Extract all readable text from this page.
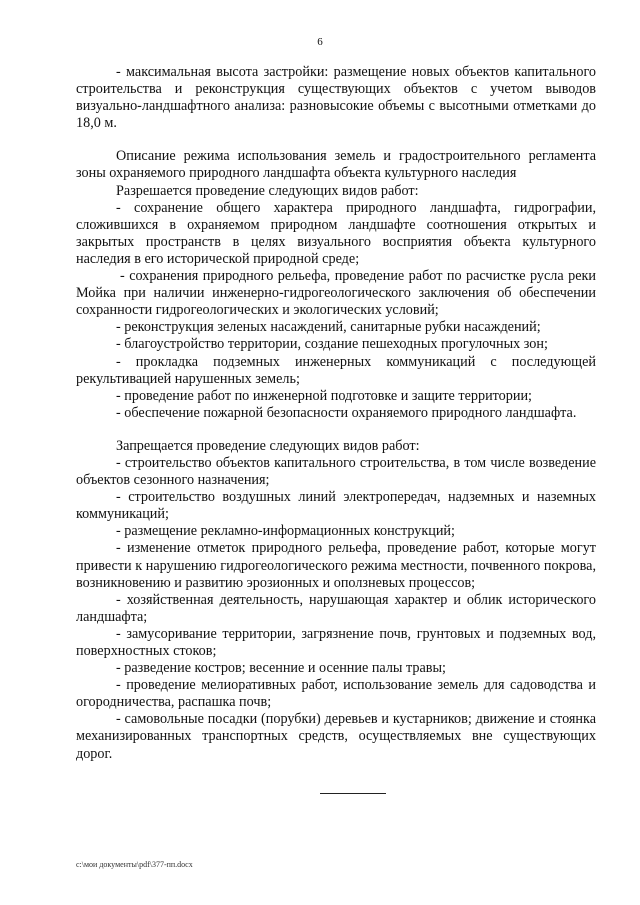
6

- максимальная высота застройки: размещение новых объектов капитального строительства и реконструкция существующих объектов с учетом выводов визуально-ландшафтного анализа: разновысокие объемы с высотными отметками до 18,0 м.

Описание режима использования земель и градостроительного регламента зоны охраняемого природного ландшафта объекта культурного наследия

Разрешается проведение следующих видов работ:

- сохранение общего характера природного ландшафта, гидрографии, сложившихся в охраняемом природном ландшафте соотношения открытых и закрытых пространств в целях визуального восприятия объекта культурного наследия в его исторической природной среде;

- сохранения природного рельефа, проведение работ по расчистке русла реки Мойка при наличии инженерно-гидрогеологического заключения об обеспечении сохранности гидрогеологических и экологических условий;

- реконструкция зеленых насаждений, санитарные рубки насаждений;

- благоустройство территории, создание пешеходных прогулочных зон;

- прокладка подземных инженерных коммуникаций с последующей рекультивацией нарушенных земель;

- проведение работ по инженерной подготовке и защите территории;

- обеспечение пожарной безопасности охраняемого природного ландшафта.

Запрещается проведение следующих видов работ:

- строительство объектов капитального строительства, в том числе возведение объектов сезонного назначения;

- строительство воздушных линий электропередач, надземных и наземных коммуникаций;

- размещение рекламно-информационных конструкций;

- изменение отметок природного рельефа, проведение работ, которые могут привести к нарушению гидрогеологического режима местности, почвенного покрова, возникновению и развитию эрозионных и оползневых процессов;

- хозяйственная деятельность, нарушающая характер и облик исторического ландшафта;

- замусоривание территории, загрязнение почв, грунтовых и подземных вод, поверхностных стоков;

- разведение костров; весенние и осенние палы травы;

- проведение мелиоративных работ, использование земель для садоводства и огородничества, распашка почв;

- самовольные посадки (порубки) деревьев и кустарников; движение и стоянка механизированных транспортных средств, осуществляемых вне существующих дорог.

c:\мои документы\pdf\377-пп.docx
